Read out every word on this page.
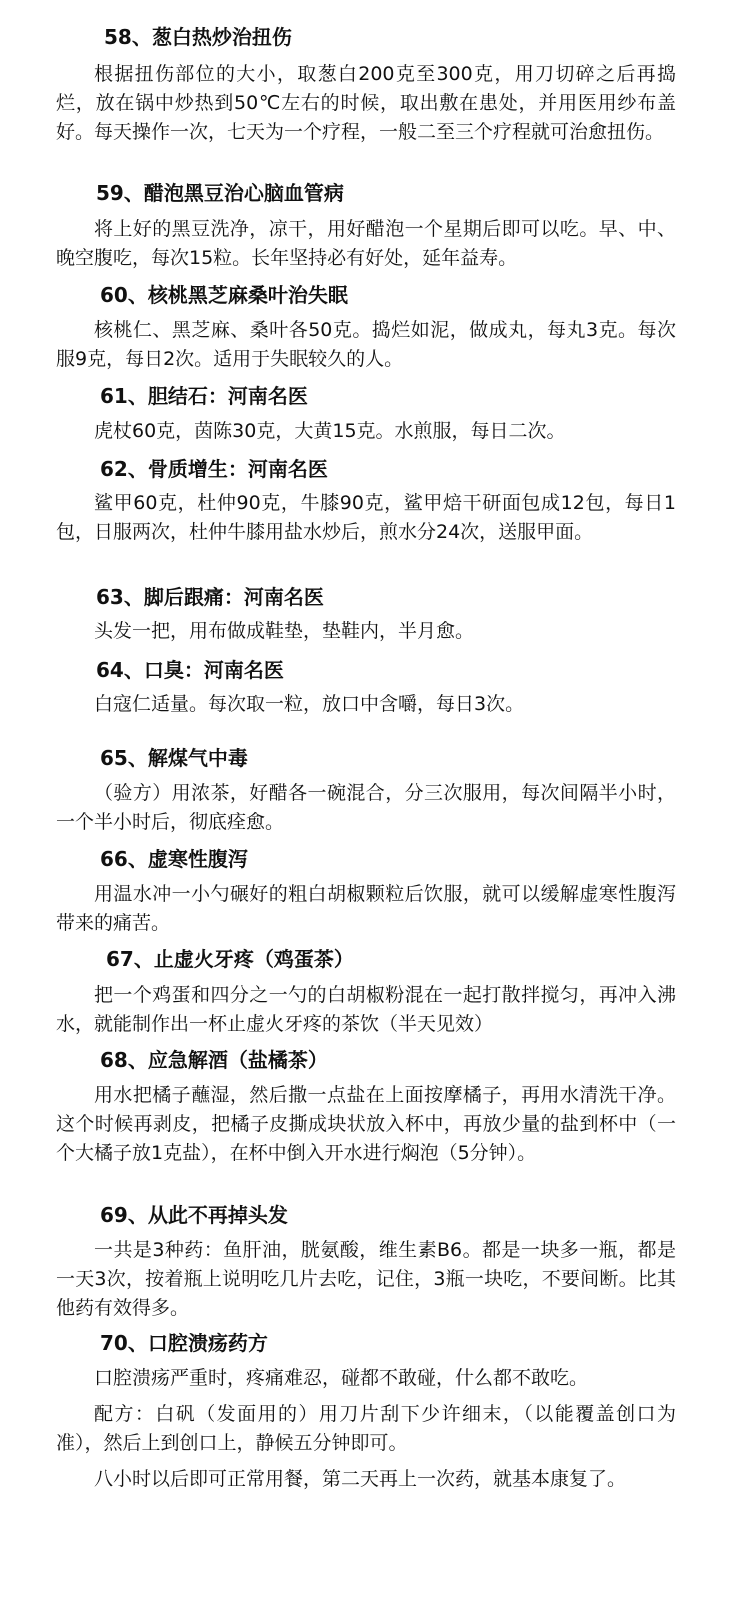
58、葱白热炒治扭伤

根据扭伤部位的大小，取葱白200克至300克，用刀切碎之后再捣烂，放在锅中炒热到50℃左右的时候，取出敷在患处，并用医用纱布盖好。每天操作一次，七天为一个疗程，一般二至三个疗程就可治愈扭伤。

59、醋泡黑豆治心脑血管病

将上好的黑豆洗净，凉干，用好醋泡一个星期后即可以吃。早、中、晚空腹吃，每次15粒。长年坚持必有好处，延年益寿。

60、核桃黑芝麻桑叶治失眠

核桃仁、黑芝麻、桑叶各50克。捣烂如泥，做成丸，每丸3克。每次服9克，每日2次。适用于失眠较久的人。

61、胆结石：河南名医

虎杖60克，茵陈30克，大黄15克。水煎服，每日二次。

62、骨质增生：河南名医

鲨甲60克，杜仲90克，牛膝90克，鲨甲焙干研面包成12包，每日1包，日服两次，杜仲牛膝用盐水炒后，煎水分24次，送服甲面。

63、脚后跟痛：河南名医

头发一把，用布做成鞋垫，垫鞋内，半月愈。

64、口臭：河南名医

白寇仁适量。每次取一粒，放口中含嚼，每日3次。

65、解煤气中毒

（验方）用浓茶，好醋各一碗混合，分三次服用，每次间隔半小时，一个半小时后，彻底痊愈。

66、虚寒性腹泻

用温水冲一小勺碾好的粗白胡椒颗粒后饮服，就可以缓解虚寒性腹泻带来的痛苦。

67、止虚火牙疼（鸡蛋茶）

把一个鸡蛋和四分之一勺的白胡椒粉混在一起打散拌搅匀，再冲入沸水，就能制作出一杯止虚火牙疼的茶饮（半天见效）

68、应急解酒（盐橘茶）

用水把橘子蘸湿，然后撒一点盐在上面按摩橘子，再用水清洗干净。这个时候再剥皮，把橘子皮撕成块状放入杯中，再放少量的盐到杯中（一个大橘子放1克盐），在杯中倒入开水进行焖泡（5分钟）。

69、从此不再掉头发

一共是3种药：鱼肝油，胱氨酸，维生素B6。都是一块多一瓶，都是一天3次，按着瓶上说明吃几片去吃，记住，3瓶一块吃，不要间断。比其他药有效得多。

70、口腔溃疡药方

口腔溃疡严重时，疼痛难忍，碰都不敢碰，什么都不敢吃。

配方：白矾（发面用的）用刀片刮下少许细末，（以能覆盖创口为准），然后上到创口上，静候五分钟即可。

八小时以后即可正常用餐，第二天再上一次药，就基本康复了。
